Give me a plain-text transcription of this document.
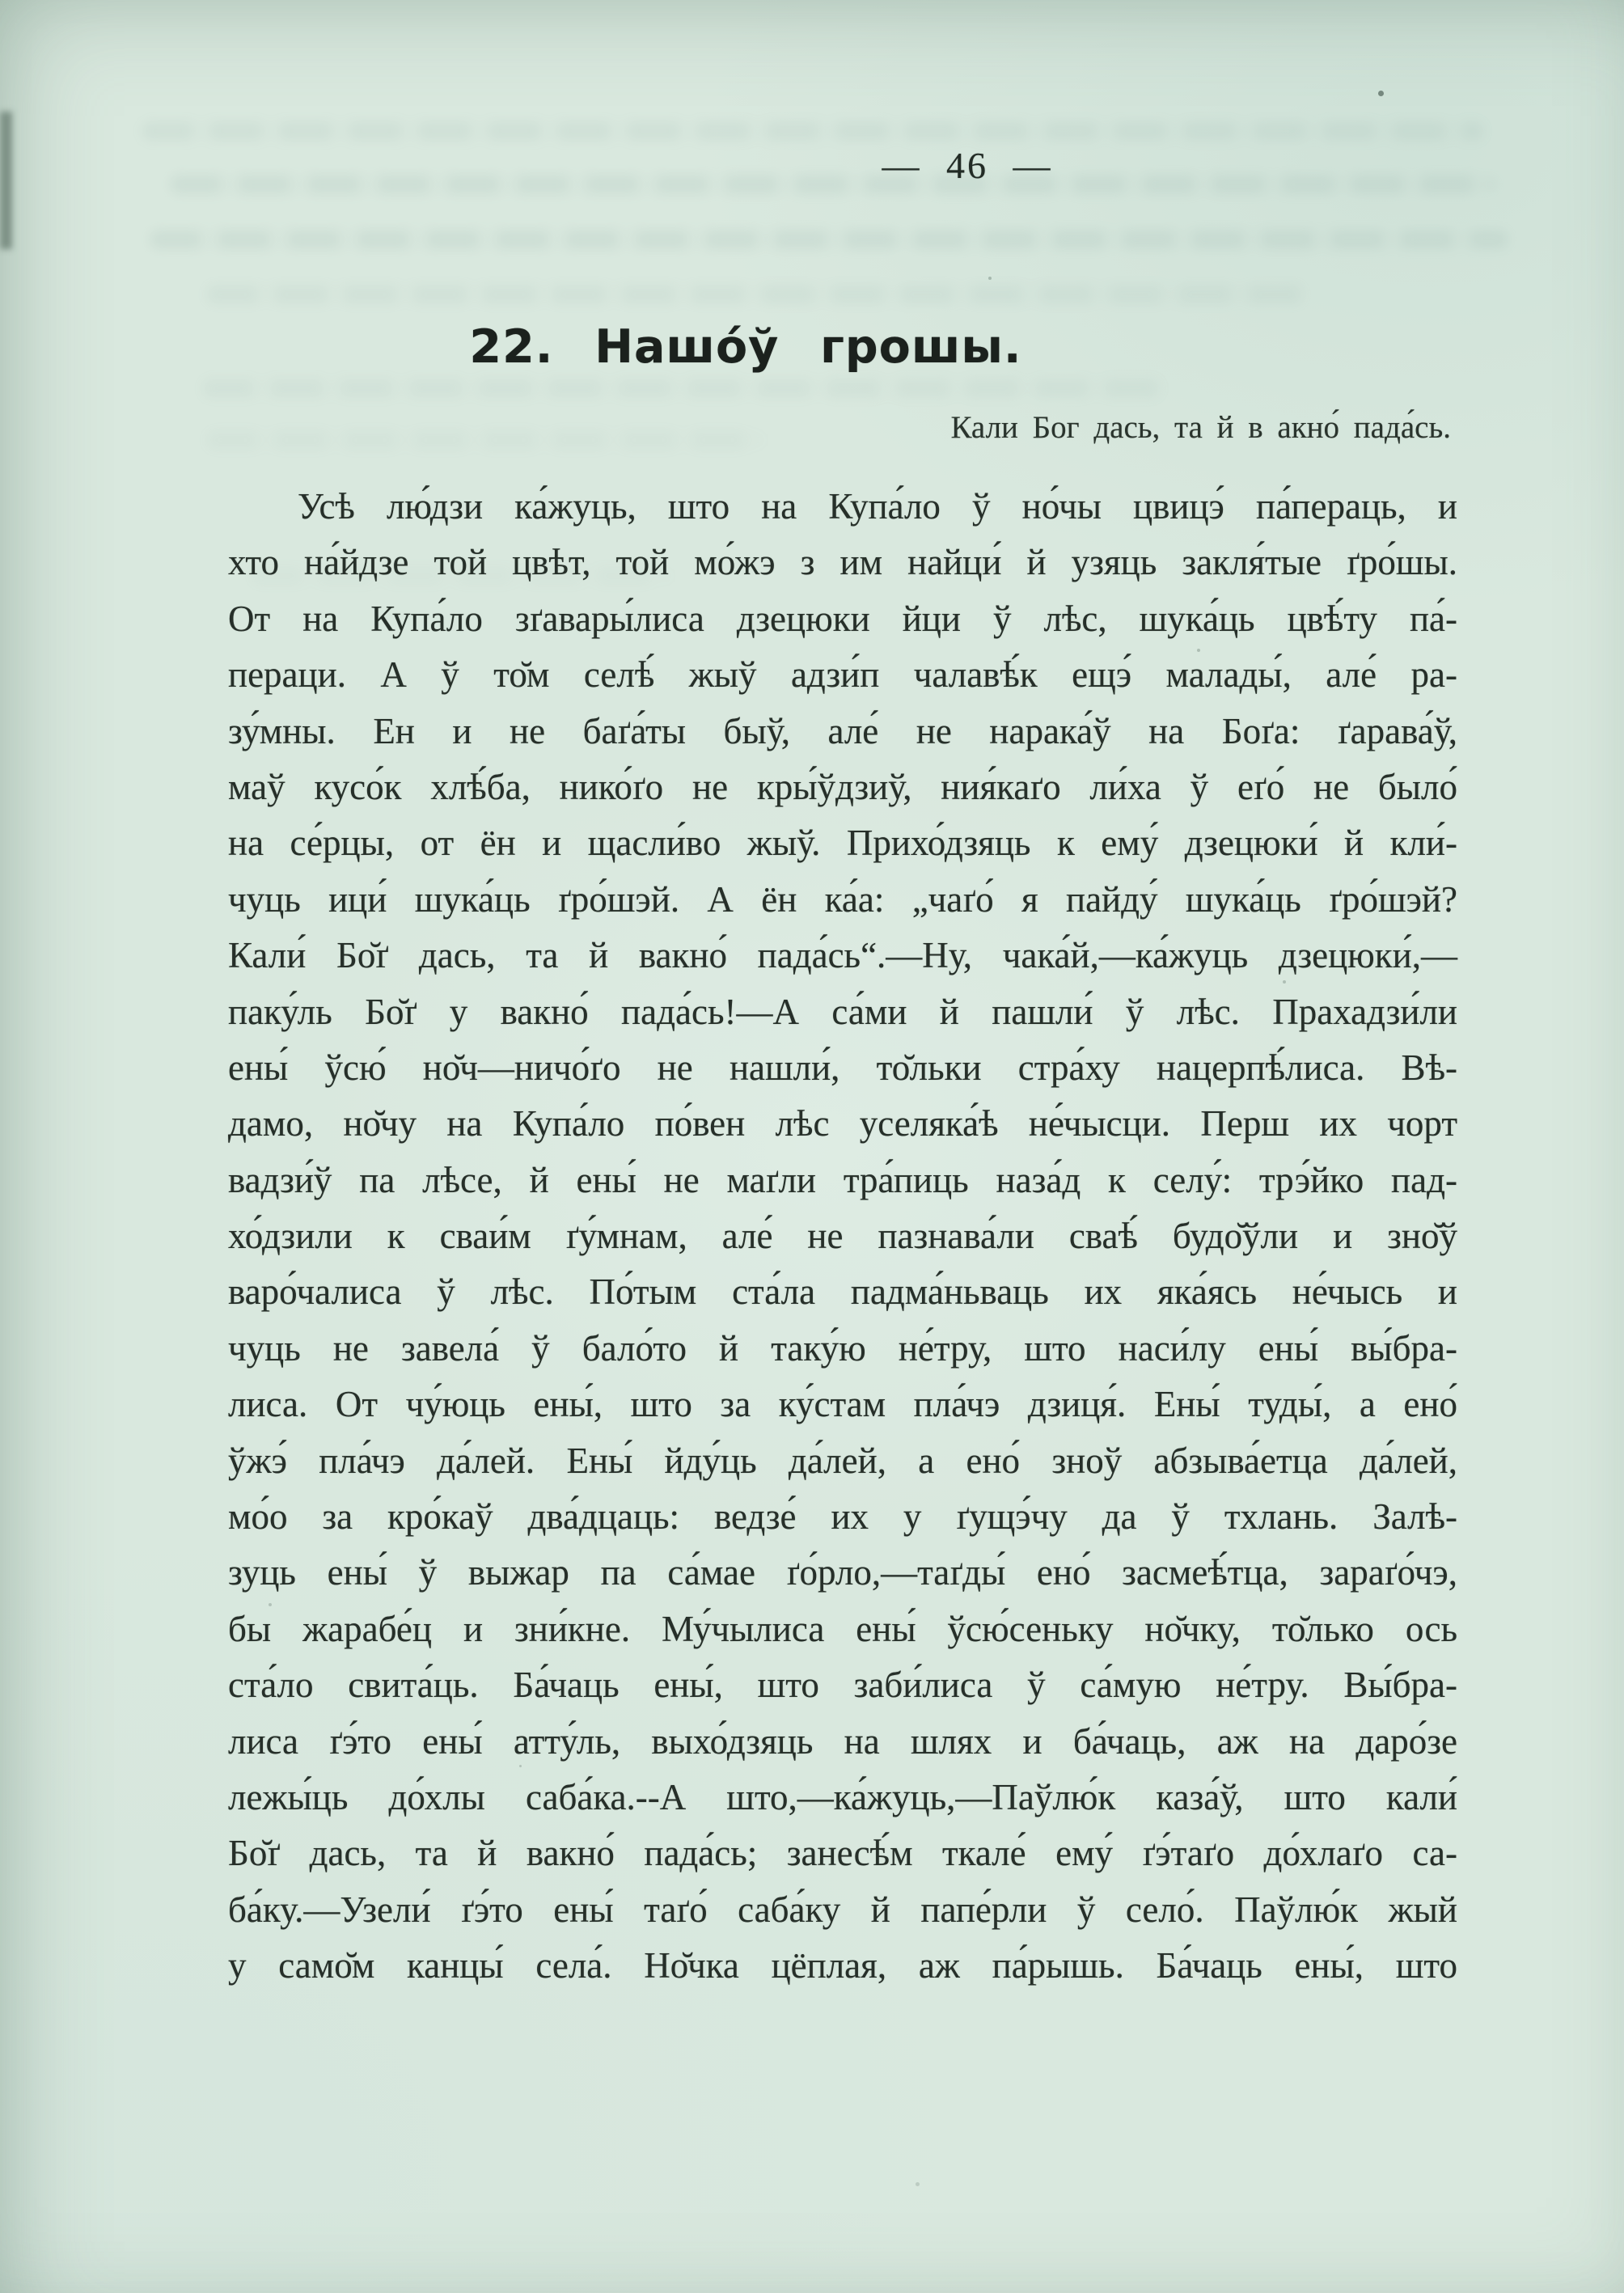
— 46 —
22. Нашо́ў грошы.
Кали Бог дась, та й в акно́ пада́сь.
Усѣ лю́дзи ка́жуць, што на Купа́ло ў но́чы цвицэ́ па́пераць, и
хто на́йдзе той цвѣт, той мо́жэ з им найци́ й узяць закля́тые ґро́шы.
От на Купа́ло зґавары́лиса дзецюки йци ў лѣс, шука́ць цвѣ́ту па́-
пераци. А ў то̆м селѣ́ жыў адзи́п чалавѣ́к ещэ́ малады́, але́ ра-
зу́мны. Ен и не баґа́ты быў, але́ не нарака́ў на Боґа: ґарава́ў,
маў кусо́к хлѣ́ба, нико́ґо не кры́ўдзиў, ния́каґо ли́ха ў еґо́ не было́
на се́рцы, от ён и щасли́во жыў. Прихо́дзяць к ему́ дзецюки́ й кли́-
чуць ици́ шука́ць ґро́шэй. А ён ка́а: „чаґо́ я пайду́ шука́ць ґро́шэй?
Кали́ Бо̆ґ дась, та й вакно́ пада́сь“.—Ну, чака́й,—ка́жуць дзецюки́,—
паку́ль Бо̆ґ у вакно́ пада́сь!—А са́ми й пашли́ ў лѣс. Прахадзи́ли
ены́ ўсю́ но̆ч—ничо́ґо не нашли́, то̆льки стра́ху нацерпѣ́лиса. Вѣ-
дамо, но̆чу на Купа́ло по́вен лѣс уселяка́ѣ не́чысци. Перш их чорт
вадзи́ў па лѣсе, й ены́ не маґли тра́пиць наза́д к селу́: трэ́йко пад-
хо́дзили к сваи́м ґу́мнам, але́ не пазнава́ли сваѣ́ будо̆ўли и зно̆ў
варо́чалиса ў лѣс. По́тым ста́ла падма́ньваць их яка́ясь не́чысь и
чуць не завела́ ў бало́то й таку́ю не́тру, што наси́лу ены́ вы́бра-
лиса. От чу́юць ены́, што за ку́стам пла́чэ дзиця́. Ены́ туды́, а ено́
ўжэ́ пла́чэ да́лей. Ены́ йду́ць да́лей, а ено́ зноў абзыва́етца да́лей,
мо́о за кро́каў два́дцаць: ведзе́ их у ґущэ́чу да ў тхлань. Залѣ-
зуць ены́ ў выжар па са́мае ґо́рло,—таґды́ ено́ засмеѣ́тца, зараґо́чэ,
бы жарабе́ц и зни́кне. Му́чылиса ены́ ўсю́сеньку но̆чку, то̆лько ось
ста́ло свита́ць. Ба́чаць ены́, што заби́лиса ў са́мую не́тру. Вы́бра-
лиса ґэ́то ены́ атту́ль, выхо́дзяць на шлях и ба́чаць, аж на даро́зе
лежы́ць до́хлы саба́ка.--А што,—ка́жуць,—Паўлю́к каза́ў, што кали́
Бо̆ґ дась, та й вакно́ пада́сь; занесѣ́м ткале́ ему́ ґэ́таґо до́хлаґо са-
ба́ку.—Узели́ ґэ́то ены́ таґо́ саба́ку й папе́рли ў село́. Паўлю́к жый
у само̆м канцы́ села́. Но̆чка цёплая, аж па́рышь. Ба́чаць ены́, што
